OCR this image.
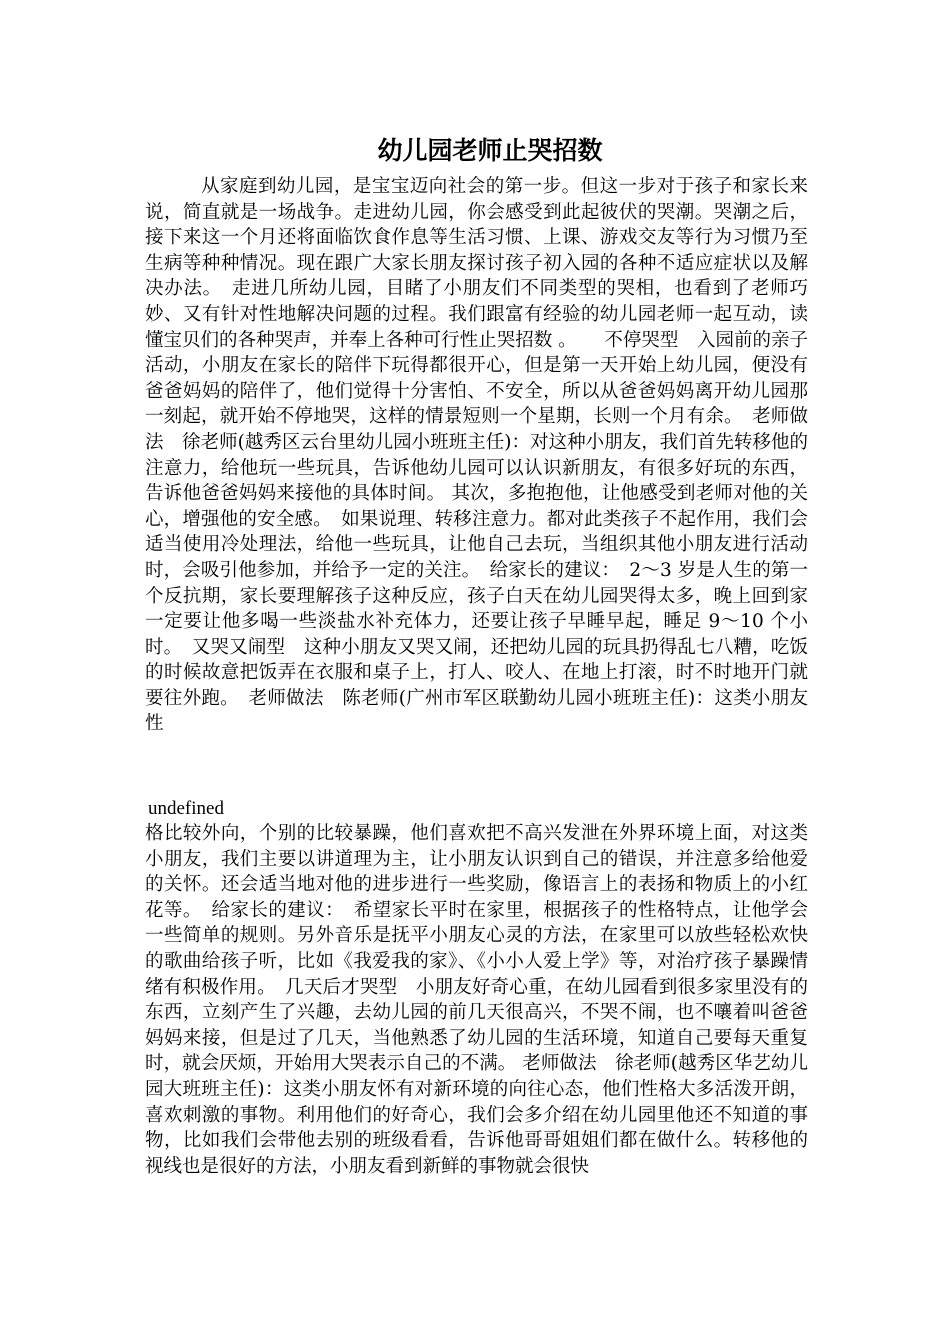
幼儿园老师止哭招数

从家庭到幼儿园，是宝宝迈向社会的第一步。但这一步对于孩子和家长来说，简直就是一场战争。走进幼儿园，你会感受到此起彼伏的哭潮。哭潮之后，接下来这一个月还将面临饮食作息等生活习惯、上课、游戏交友等行为习惯乃至生病等种种情况。现在跟广大家长朋友探讨孩子初入园的各种不适应症状以及解决办法。　走进几所幼儿园，目睹了小朋友们不同类型的哭相，也看到了老师巧妙、又有针对性地解决问题的过程。我们跟富有经验的幼儿园老师一起互动，读懂宝贝们的各种哭声，并奉上各种可行性止哭招数 。　　不停哭型　入园前的亲子活动，小朋友在家长的陪伴下玩得都很开心，但是第一天开始上幼儿园，便没有爸爸妈妈的陪伴了，他们觉得十分害怕、不安全，所以从爸爸妈妈离开幼儿园那一刻起，就开始不停地哭，这样的情景短则一个星期，长则一个月有余。　老师做法　徐老师(越秀区云台里幼儿园小班班主任)：对这种小朋友，我们首先转移他的注意力，给他玩一些玩具，告诉他幼儿园可以认识新朋友，有很多好玩的东西，告诉他爸爸妈妈来接他的具体时间。 其次，多抱抱他，让他感受到老师对他的关心，增强他的安全感。　如果说理、转移注意力。都对此类孩子不起作用，我们会适当使用冷处理法，给他一些玩具，让他自己去玩，当组织其他小朋友进行活动时，会吸引他参加，并给予一定的关注。　给家长的建议：　2～3 岁是人生的第一个反抗期，家长要理解孩子这种反应，孩子白天在幼儿园哭得太多，晚上回到家一定要让他多喝一些淡盐水补充体力，还要让孩子早睡早起，睡足 9～10 个小时。　又哭又闹型　这种小朋友又哭又闹，还把幼儿园的玩具扔得乱七八糟，吃饭的时候故意把饭弄在衣服和桌子上，打人、咬人、在地上打滚，时不时地开门就要往外跑。　老师做法　陈老师(广州市军区联勤幼儿园小班班主任)：这类小朋友性

undefined

格比较外向，个别的比较暴躁，他们喜欢把不高兴发泄在外界环境上面，对这类小朋友，我们主要以讲道理为主，让小朋友认识到自己的错误，并注意多给他爱的关怀。还会适当地对他的进步进行一些奖励，像语言上的表扬和物质上的小红花等。　给家长的建议：　希望家长平时在家里，根据孩子的性格特点，让他学会一些简单的规则。另外音乐是抚平小朋友心灵的方法，在家里可以放些轻松欢快的歌曲给孩子听，比如《我爱我的家》、《小小人爱上学》等，对治疗孩子暴躁情绪有积极作用。　几天后才哭型　小朋友好奇心重，在幼儿园看到很多家里没有的东西，立刻产生了兴趣，去幼儿园的前几天很高兴，不哭不闹，也不嚷着叫爸爸妈妈来接，但是过了几天，当他熟悉了幼儿园的生活环境，知道自己要每天重复时，就会厌烦，开始用大哭表示自己的不满。 老师做法　徐老师(越秀区华艺幼儿园大班班主任)：这类小朋友怀有对新环境的向往心态，他们性格大多活泼开朗，喜欢刺激的事物。利用他们的好奇心，我们会多介绍在幼儿园里他还不知道的事物，比如我们会带他去别的班级看看，告诉他哥哥姐姐们都在做什么。转移他的视线也是很好的方法，小朋友看到新鲜的事物就会很快
